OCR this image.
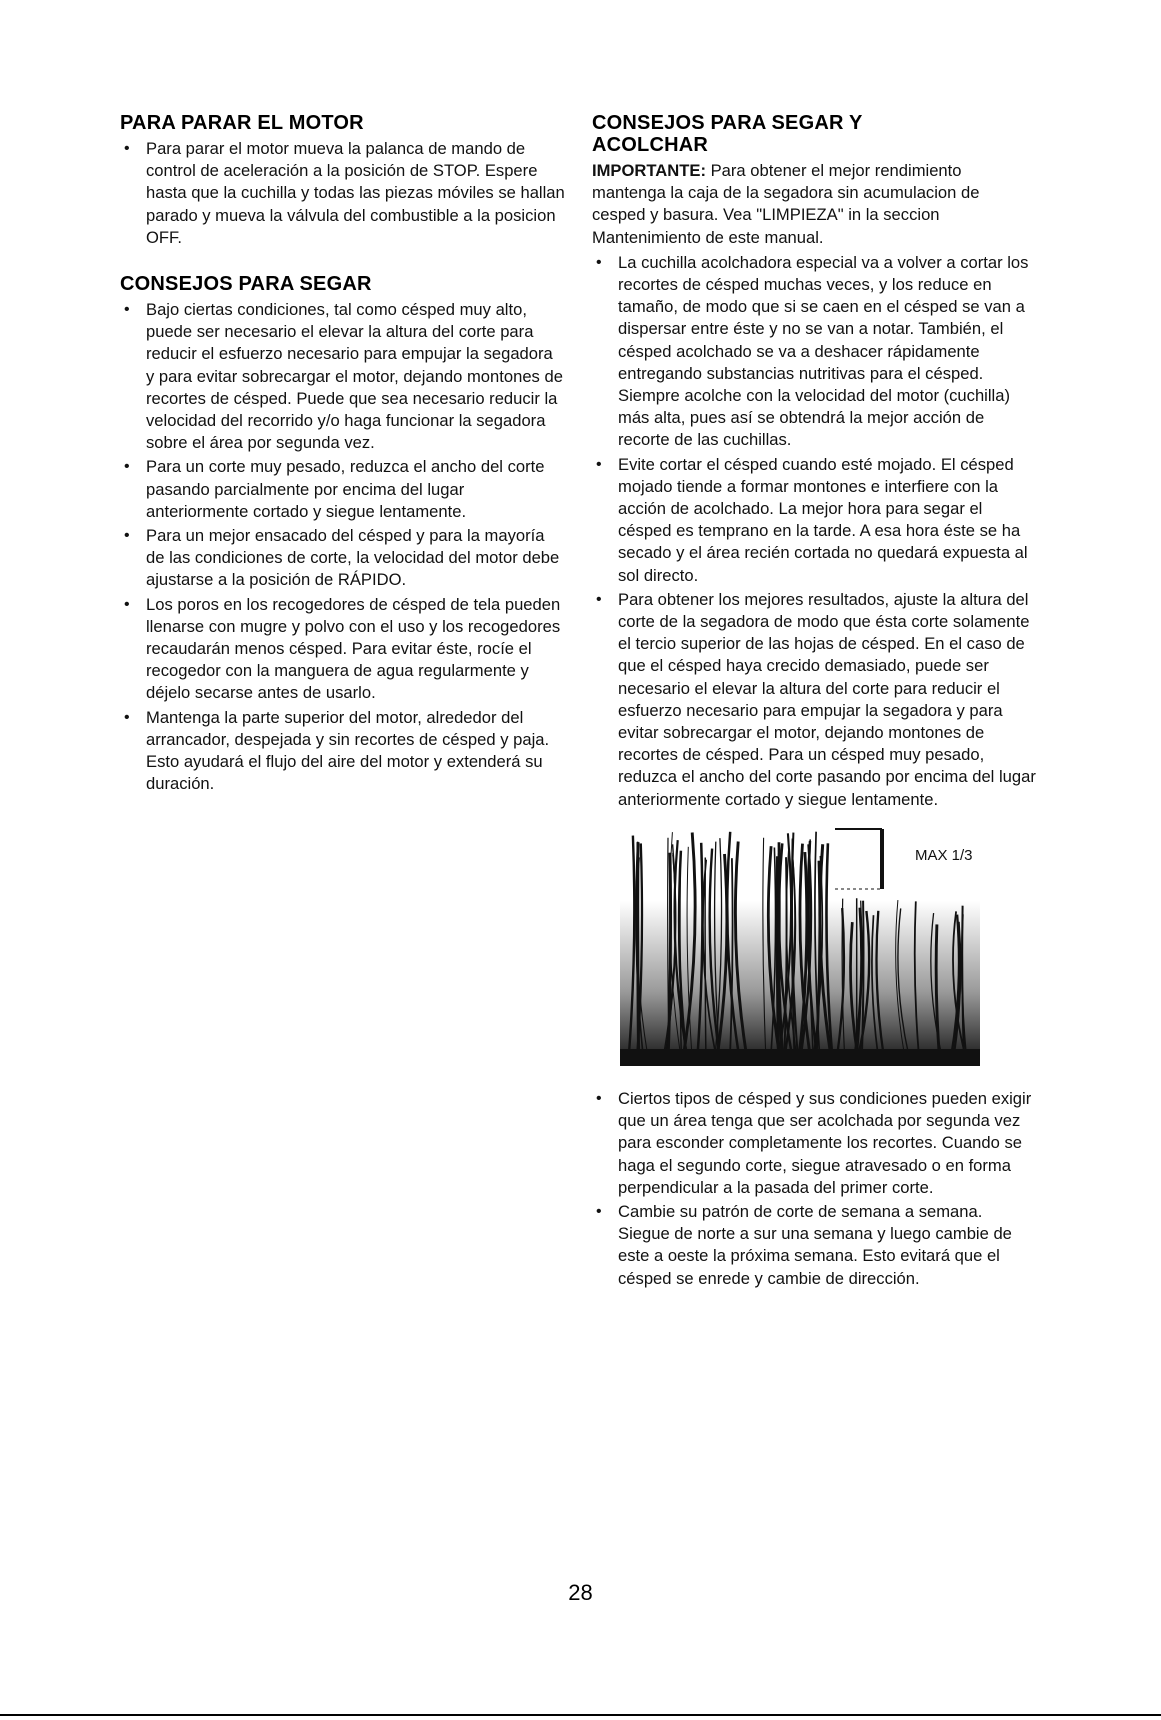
PARA PARAR EL MOTOR
• Para parar el motor mueva la palanca de mando de control de aceleración a la posición de STOP. Espere hasta que la cuchilla y todas las piezas móviles se hallan parado y mueva la válvula del combustible a la posicion OFF.
CONSEJOS PARA SEGAR
• Bajo ciertas condiciones, tal como césped muy alto, puede ser necesario el elevar la altura del corte para reducir el esfuerzo necesario para empujar la segadora y para evitar sobrecargar el motor, dejando montones de recortes de césped. Puede que sea necesario reducir la velocidad del recorrido y/o haga funcionar la segadora sobre el área por segunda vez.
• Para un corte muy pesado, reduzca el ancho del corte pasando parcialmente por encima del lugar anteriormente cortado y siegue lentamente.
• Para un mejor ensacado del césped y para la mayoría de las condiciones de corte, la velocidad del motor debe ajustarse a la posición de RÁPIDO.
• Los poros en los recogedores de césped de tela pueden llenarse con mugre y polvo con el uso y los recogedores recaudarán menos césped. Para evitar éste, rocíe el recogedor con la manguera de agua regularmente y déjelo secarse antes de usarlo.
• Mantenga la parte superior del motor, alrededor del arrancador, despejada y sin recortes de césped y paja. Esto ayudará el flujo del aire del motor y extenderá su duración.
CONSEJOS PARA SEGAR Y
ACOLCHAR

IMPORTANTE: Para obtener el mejor rendimiento mantenga la caja de la segadora sin acumulacion de cesped y basura. Vea "LIMPIEZA" in la seccion Mantenimiento de este manual.

• La cuchilla acolchadora especial va a volver a cortar los recortes de césped muchas veces, y los reduce en tamaño, de modo que si se caen en el césped se van a dispersar entre éste y no se van a notar. También, el césped acolchado se va a deshacer rápidamente entregando substancias nutritivas para el césped. Siempre acolche con la velocidad del motor (cuchilla) más alta, pues así se obtendrá la mejor acción de recorte de las cuchillas.
• Evite cortar el césped cuando esté mojado. El césped mojado tiende a formar montones e interfiere con la acción de acolchado. La mejor hora para segar el césped es temprano en la tarde. A esa hora éste se ha secado y el área recién cortada no quedará expuesta al sol directo.
• Para obtener los mejores resultados, ajuste la altura del corte de la segadora de modo que ésta corte solamente el tercio superior de las hojas de césped. En el caso de que el césped haya crecido demasiado, puede ser necesario el elevar la altura del corte para reducir el esfuerzo necesario para empujar la segadora y para evitar sobrecargar el motor, dejando montones de recortes de césped. Para un césped muy pesado, reduzca el ancho del corte pasando por encima del lugar anteriormente cortado y siegue lentamente.
MAX 1/3
• Ciertos tipos de césped y sus condiciones pueden exigir que un área tenga que ser acolchada por segunda vez para esconder completamente los recortes. Cuando se haga el segundo corte, siegue atravesado o en forma perpendicular a la pasada del primer corte.
• Cambie su patrón de corte de semana a semana. Siegue de norte a sur una semana y luego cambie de este a oeste la próxima semana. Esto evitará que el césped se enrede y cambie de dirección.
28
